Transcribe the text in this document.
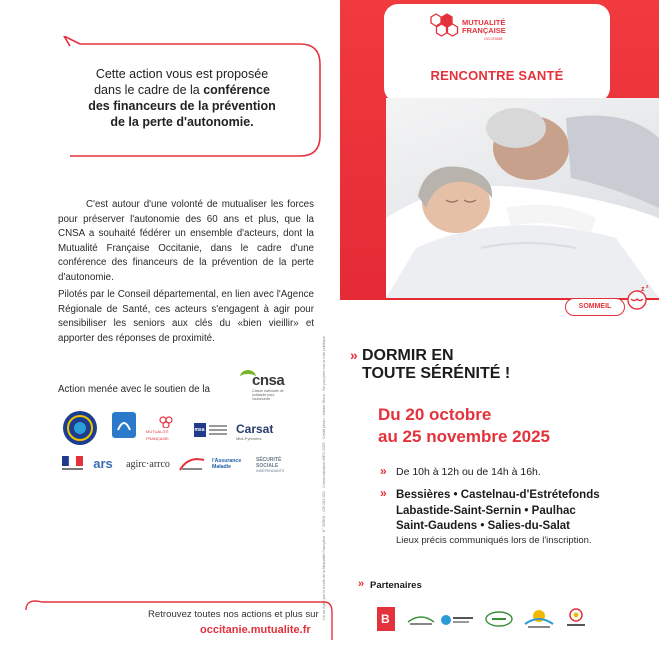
Cette action vous est proposée
dans le cadre de la conférence
des financeurs de la prévention
de la perte d'autonomie.
C'est autour d'une volonté de mutualiser les forces pour préserver l'autonomie des 60 ans et plus, que la CNSA a souhaité fédérer un ensemble d'acteurs, dont la Mutualité Française Occitanie, dans le cadre d'une conférence des financeurs de la prévention de la perte d'autonomie.
Pilotés par le Conseil départemental, en lien avec l'Agence Régionale de Santé, ces acteurs s'engagent à agir pour sensibiliser les seniors aux clés du «bien vieillir» et apporter des réponses de proximité.
Action menée avec le soutien de la
cnsa
Caisse nationale de solidarité pour l'autonomie
MUTUALITÉ FRANÇAISE
msa	Carsat
Midi-Pyrénées
ars agirc·arrco	l'Assurance Maladie
SÉCURITÉ SOCIALE
INDÉPENDANTS	Un an Agirc par le mode de la Mutualité Française · N° SIREN : 439 283 652 · Communication MFO 2025 · Crédit photo : Adobe Stock · Ne pas jeter sur la voie publique
Retrouvez toutes nos actions et plus sur
occitanie.mutualite.fr
MUTUALITÉ
FRANÇAISE
OCCITANIE
RENCONTRE SANTÉ
SOMMEIL
z z
» DORMIR EN
TOUTE SÉRÉNITÉ !
Du 20 octobre
au 25 novembre 2025
» De 10h à 12h ou de 14h à 16h.
» Bessières • Castelnau-d'Estrétefonds
Labastide-Saint-Sernin • Paulhac
Saint-Gaudens • Salies-du-Salat
Lieux précis communiqués lors de l'inscription.
» Partenaires
B
